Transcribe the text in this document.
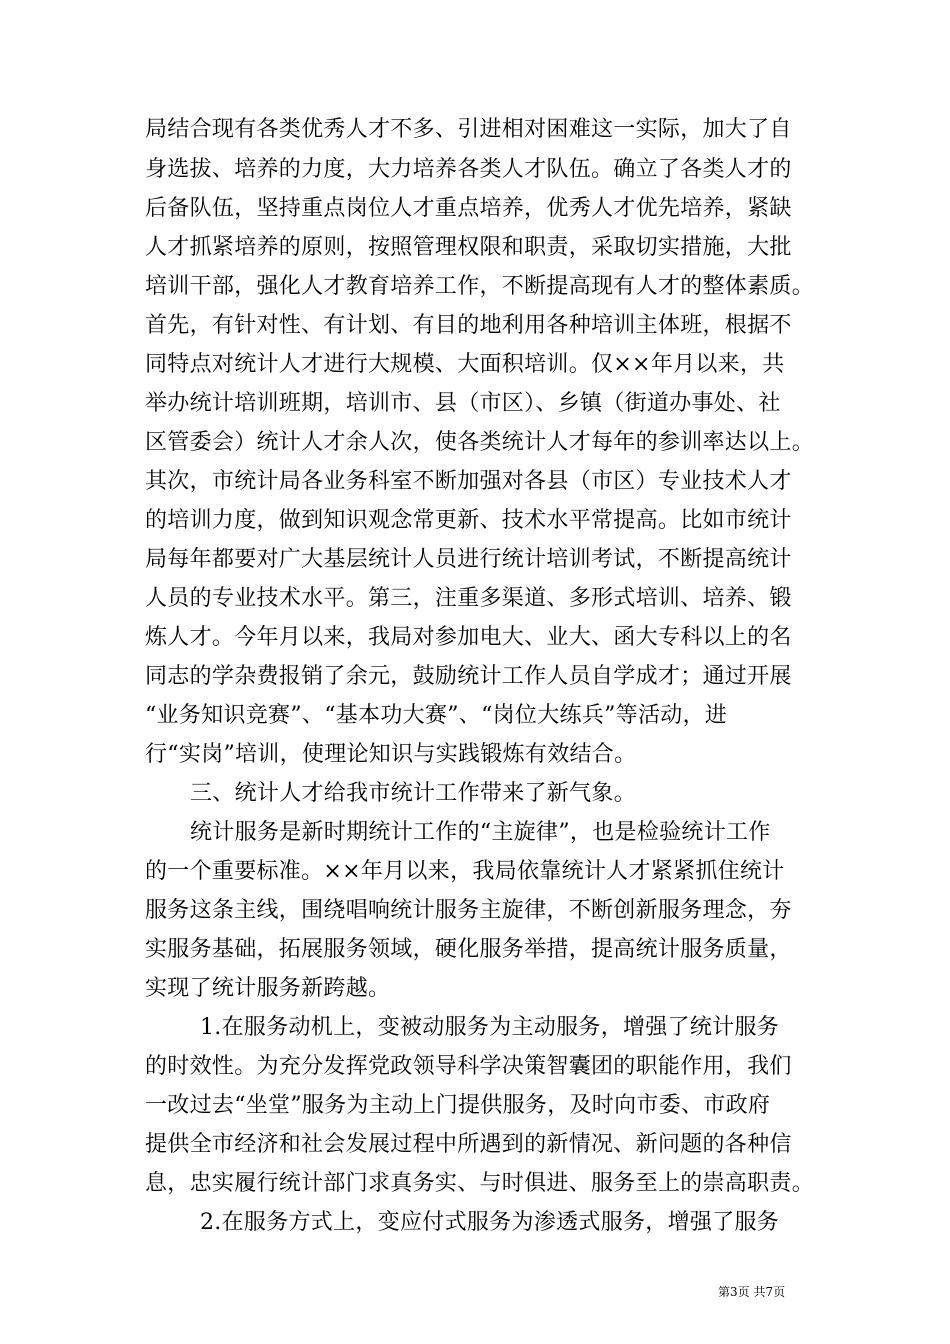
局结合现有各类优秀人才不多、引进相对困难这一实际，加大了自
身选拔、培养的力度，大力培养各类人才队伍。确立了各类人才的
后备队伍，坚持重点岗位人才重点培养，优秀人才优先培养，紧缺
人才抓紧培养的原则，按照管理权限和职责，采取切实措施，大批
培训干部，强化人才教育培养工作，不断提高现有人才的整体素质。
首先，有针对性、有计划、有目的地利用各种培训主体班，根据不
同特点对统计人才进行大规模、大面积培训。仅××年月以来，共
举办统计培训班期，培训市、县（市区）、乡镇（街道办事处、社
区管委会）统计人才余人次，使各类统计人才每年的参训率达以上。
其次，市统计局各业务科室不断加强对各县（市区）专业技术人才
的培训力度，做到知识观念常更新、技术水平常提高。比如市统计
局每年都要对广大基层统计人员进行统计培训考试，不断提高统计
人员的专业技术水平。第三，注重多渠道、多形式培训、培养、锻
炼人才。今年月以来，我局对参加电大、业大、函大专科以上的名
同志的学杂费报销了余元，鼓励统计工作人员自学成才；通过开展
“业务知识竞赛”、“基本功大赛”、“岗位大练兵”等活动，进
行“实岗”培训，使理论知识与实践锻炼有效结合。
三、统计人才给我市统计工作带来了新气象。
统计服务是新时期统计工作的“主旋律”，也是检验统计工作
的一个重要标准。××年月以来，我局依靠统计人才紧紧抓住统计
服务这条主线，围绕唱响统计服务主旋律，不断创新服务理念，夯
实服务基础，拓展服务领域，硬化服务举措，提高统计服务质量，
实现了统计服务新跨越。
1.在服务动机上，变被动服务为主动服务，增强了统计服务
的时效性。为充分发挥党政领导科学决策智囊团的职能作用，我们
一改过去“坐堂”服务为主动上门提供服务，及时向市委、市政府
提供全市经济和社会发展过程中所遇到的新情况、新问题的各种信
息，忠实履行统计部门求真务实、与时俱进、服务至上的崇高职责。
2.在服务方式上，变应付式服务为渗透式服务，增强了服务
第3页 共7页
